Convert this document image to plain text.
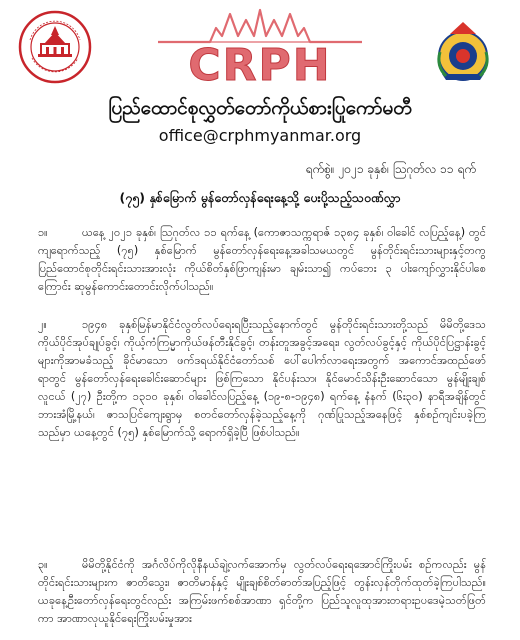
CRPH
ပြည်ထောင်စုလွှတ်တော်ကိုယ်စားပြုကော်မတီ
office@crphmyanmar.org
ရက်စွဲ။ ၂၀၂၁ ခုနှစ်၊ ဩဂုတ်လ ၁၁ ရက်
(၇၅) နှစ်မြောက် မွန်တော်လှန်ရေးနေ့သို့ ပေးပို့သည့်သဝဏ်လွှာ
၁။	ယနေ့ ၂၀၂၁ ခုနှစ်၊ ဩဂုတ်လ ၁၁ ရက်နေ့ (ကောဇာသက္ကရာဇ် ၁၃၈၄ ခုနှစ်၊ ဝါခေါင် လပြည့်နေ့) တွင်ကျရောက်သည့် (၇၅) နှစ်မြောက် မွန်တော်လှန်ရေးနေ့အခါသမယတွင် မွန်တိုင်းရင်းသားများနှင့်တကွ ပြည်ထောင်စုတိုင်းရင်းသားအားလုံး ကိုယ်စိတ်နှစ်ဖြာကျန်းမာ ချမ်းသာ၍ ကပ်ဘေး ၃ ပါးကျော်လွှားနိုင်ပါစေကြောင်း ဆုမွန်ကောင်းတောင်းလိုက်ပါသည်။
၂။	၁၉၄၈ ခုနှစ်မြန်မာနိုင်ငံလွတ်လပ်ရေးရပြီးသည့်နောက်တွင် မွန်တိုင်းရင်းသားတို့သည် မိမိတို့ဒေသကိုယ်ပိုင်အုပ်ချုပ်ခွင့်၊ ကိုယ့်ကံကြမ္မာကိုယ်ဖန်တီးနိုင်ခွင့်၊ တန်းတူအခွင့်အရေး၊ လွတ်လပ်ခွင့်နှင့် ကိုယ်ပိုင်ပြဋ္ဌာန်းခွင့်များကိုအာမခံသည့် ခိုင်မာသော ဖက်ဒရယ်နိုင်ငံတော်သစ် ပေါ်ပေါက်လာရေးအတွက် အကောင်အထည်ဖော်ရာတွင် မွန်တော်လှန်ရေးခေါင်းဆောင်များ ဖြစ်ကြသော နိုင်ပန်းသာ၊ နိုင်မောင်သိန်းဦးဆောင်သော မွန်မျိုးချစ်လူငယ် (၂၇) ဦးတို့က ၁၃၁၀ ခုနှစ်၊ ဝါခေါင်လပြည့်နေ့ (၁၉-၈-၁၉၄၈) ရက်နေ့ နံနက် (၆း၃၀) နာရီအချိန်တွင် ဘားအံမြို့နယ်၊ ဇာသပြင်ကျေးရွာမှ စတင်တော်လှန်ခဲ့သည့်နေ့ကို ဂုဏ်ပြုသည့်အနေဖြင့် နှစ်စဉ်ကျင်းပခဲ့ကြ သည်မှာ ယနေ့တွင် (၇၅) နှစ်မြောက်သို့ ရောက်ရှိခဲ့ပြီ ဖြစ်ပါသည်။
၃။	မိမိတို့နိုင်ငံကို အင်္ဂလိပ်ကိုလိုနီနယ်ချဲ့လက်အောက်မှ လွတ်လပ်ရေးရအောင်ကြိုးပမ်း စဉ်ကလည်း မွန်တိုင်းရင်းသားများက ဇာတိသွေး၊ ဇာတိမာန်နှင့် မျိုးချစ်စိတ်ဓာတ်အပြည့်ဖြင့် တွန်းလှန်တိုက်ထုတ်ခဲ့ကြပါသည်။ ယခုနေ့ဦးတော်လှန်ရေးတွင်လည်း အကြမ်းဖက်စစ်အာဏာ ရှင်တို့က ပြည်သူလူထုအားတရားဥပဒေမဲ့သတ်ဖြတ်ကာ အာဏာလုယူနိုင်ရေးကြိုးပမ်းမှုအား
